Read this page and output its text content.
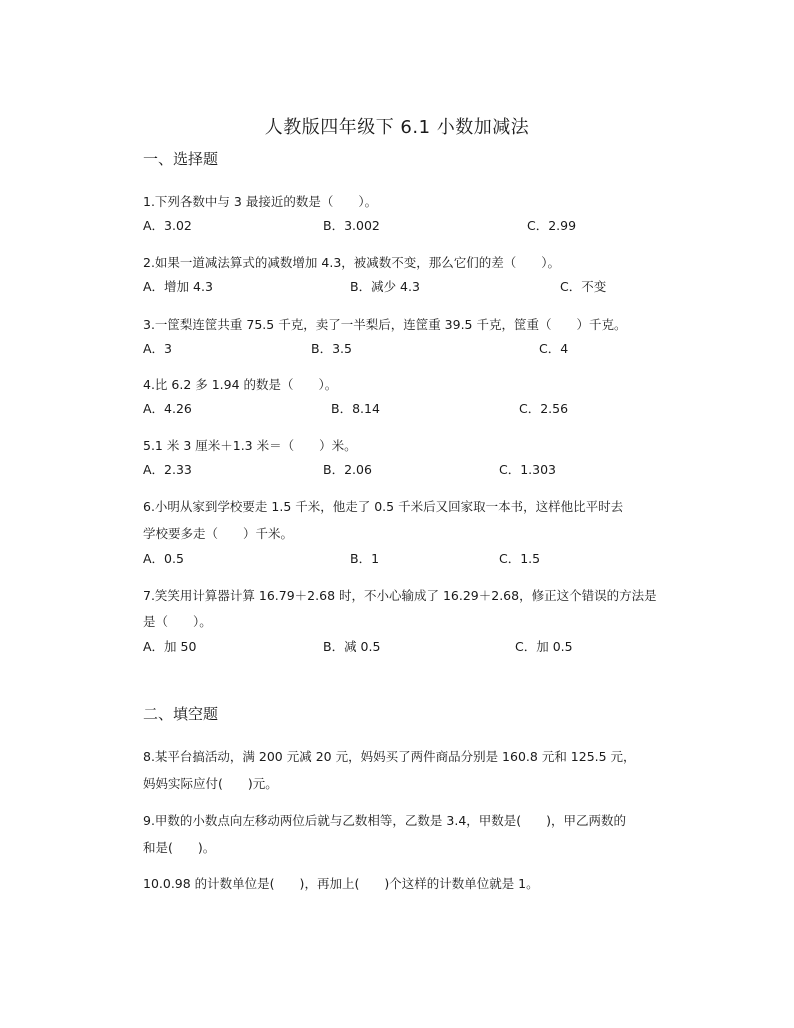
人教版四年级下 6.1 小数加减法
一、选择题
1.下列各数中与 3 最接近的数是（　　）。
A．3.02	B．3.002	C．2.99
2.如果一道减法算式的减数增加 4.3，被减数不变，那么它们的差（　　）。
A．增加 4.3	B．减少 4.3	C．不变
3.一筐梨连筐共重 75.5 千克，卖了一半梨后，连筐重 39.5 千克，筐重（　　）千克。
A．3	B．3.5	C．4
4.比 6.2 多 1.94 的数是（　　）。
A．4.26	B．8.14	C．2.56
5.1 米 3 厘米＋1.3 米＝（　　）米。
A．2.33	B．2.06	C．1.303
6.小明从家到学校要走 1.5 千米，他走了 0.5 千米后又回家取一本书，这样他比平时去
学校要多走（　　）千米。
A．0.5	B．1	C．1.5
7.笑笑用计算器计算 16.79＋2.68 时，不小心输成了 16.29＋2.68，修正这个错误的方法是
是（　　）。
A．加 50	B．减 0.5	C．加 0.5
二、填空题
8.某平台搞活动，满 200 元减 20 元，妈妈买了两件商品分别是 160.8 元和 125.5 元，
妈妈实际应付(　　)元。
9.甲数的小数点向左移动两位后就与乙数相等，乙数是 3.4，甲数是(　　)，甲乙两数的
和是(　　)。
10.0.98 的计数单位是(　　)，再加上(　　)个这样的计数单位就是 1。
